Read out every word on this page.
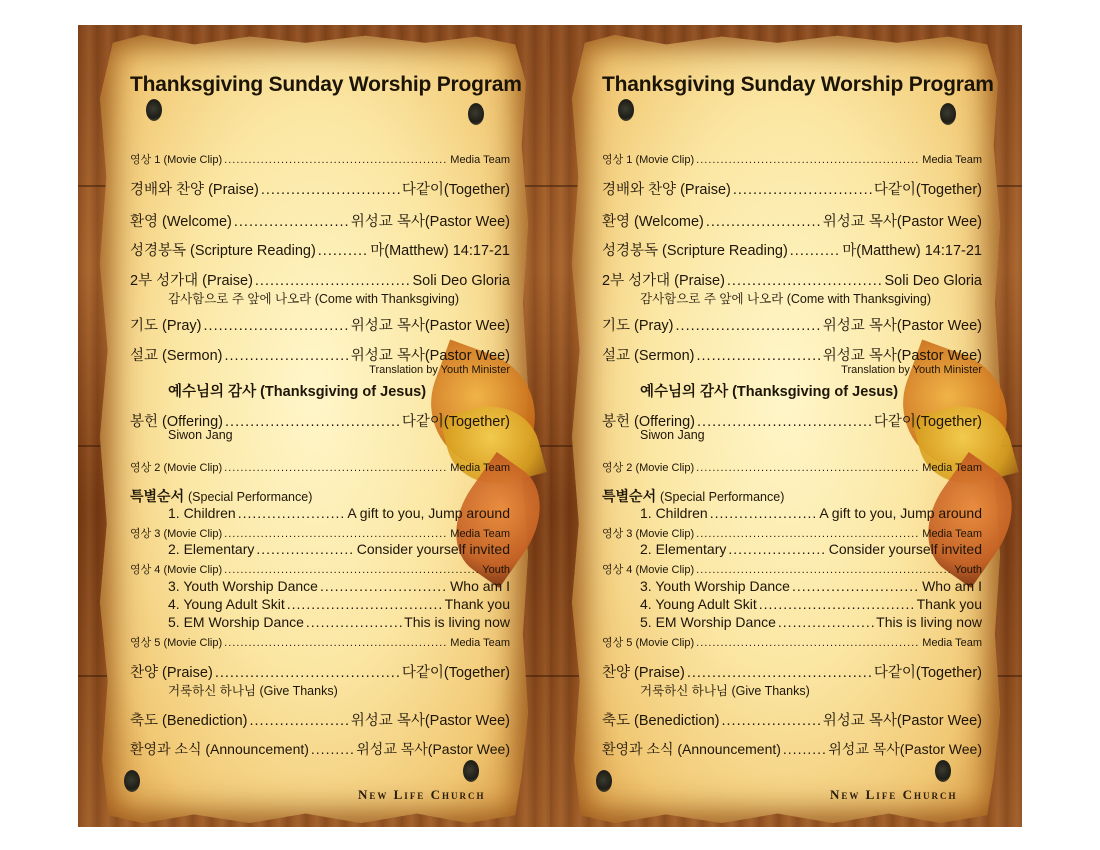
Thanksgiving Sunday Worship Program
영상 1 (Movie Clip) .....	Media Team
경배와 찬양 (Praise) .....	다같이(Together)
환영 (Welcome) .....	위성교 목사(Pastor Wee)
성경봉독 (Scripture Reading) .....	마(Matthew) 14:17-21
2부 성가대 (Praise) .....	Soli Deo Gloria
감사함으로 주 앞에 나오라 (Come with Thanksgiving)
기도 (Pray) .....	위성교 목사(Pastor Wee)
설교 (Sermon) .....	위성교 목사(Pastor Wee)
Translation by Youth Minister
예수님의 감사 (Thanksgiving of Jesus)
봉헌 (Offering) .....	다같이(Together)
Siwon Jang
영상 2 (Movie Clip) .....	Media Team
특별순서 (Special Performance)
1. Children .....	A gift to you, Jump around
영상 3 (Movie Clip) .....	Media Team
2. Elementary .....	Consider yourself invited
영상 4 (Movie Clip) .....	Youth
3. Youth Worship Dance .....	Who am I
4. Young Adult Skit .....	Thank you
5. EM Worship Dance .....	This is living now
영상 5 (Movie Clip) .....	Media Team
찬양 (Praise) .....	다같이(Together)
거룩하신 하나님 (Give Thanks)
축도 (Benediction) .....	위성교 목사(Pastor Wee)
환영과 소식 (Announcement) .....	위성교 목사(Pastor Wee)
New Life Church
Thanksgiving Sunday Worship Program
영상 1 (Movie Clip) .....	Media Team
경배와 찬양 (Praise) .....	다같이(Together)
환영 (Welcome) .....	위성교 목사(Pastor Wee)
성경봉독 (Scripture Reading) .....	마(Matthew) 14:17-21
2부 성가대 (Praise) .....	Soli Deo Gloria
감사함으로 주 앞에 나오라 (Come with Thanksgiving)
기도 (Pray) .....	위성교 목사(Pastor Wee)
설교 (Sermon) .....	위성교 목사(Pastor Wee)
Translation by Youth Minister
예수님의 감사 (Thanksgiving of Jesus)
봉헌 (Offering) .....	다같이(Together)
Siwon Jang
영상 2 (Movie Clip) .....	Media Team
특별순서 (Special Performance)
1. Children .....	A gift to you, Jump around
영상 3 (Movie Clip) .....	Media Team
2. Elementary .....	Consider yourself invited
영상 4 (Movie Clip) .....	Youth
3. Youth Worship Dance .....	Who am I
4. Young Adult Skit .....	Thank you
5. EM Worship Dance .....	This is living now
영상 5 (Movie Clip) .....	Media Team
찬양 (Praise) .....	다같이(Together)
거룩하신 하나님 (Give Thanks)
축도 (Benediction) .....	위성교 목사(Pastor Wee)
환영과 소식 (Announcement) .....	위성교 목사(Pastor Wee)
New Life Church
